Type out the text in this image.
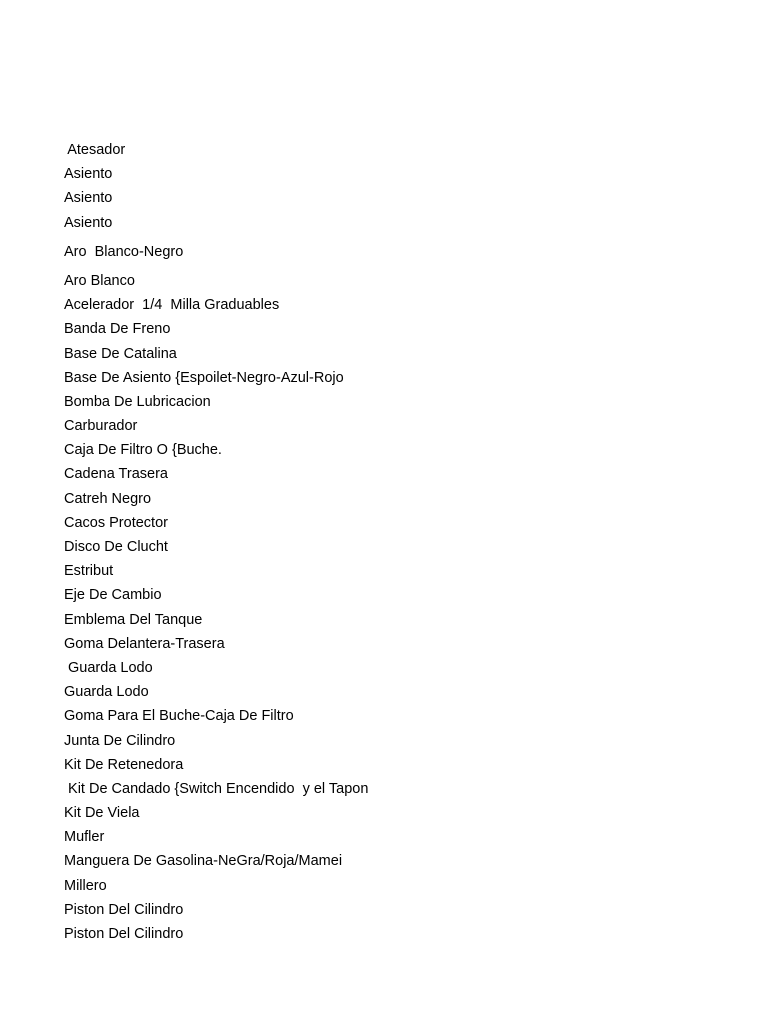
Atesador
Asiento
Asiento
Asiento
Aro  Blanco-Negro
Aro Blanco
Acelerador  1/4  Milla Graduables
Banda De Freno
Base De Catalina
Base De Asiento {Espoilet-Negro-Azul-Rojo
Bomba De Lubricacion
Carburador
Caja De Filtro O {Buche.
Cadena Trasera
Catreh Negro
Cacos Protector
Disco De Clucht
Estribut
Eje De Cambio
Emblema Del Tanque
Goma Delantera-Trasera
Guarda Lodo
Guarda Lodo
Goma Para El Buche-Caja De Filtro
Junta De Cilindro
Kit De Retenedora
Kit De Candado {Switch Encendido  y el Tapon
Kit De Viela
Mufler
Manguera De Gasolina-NeGra/Roja/Mamei
Millero
Piston Del Cilindro
Piston Del Cilindro
